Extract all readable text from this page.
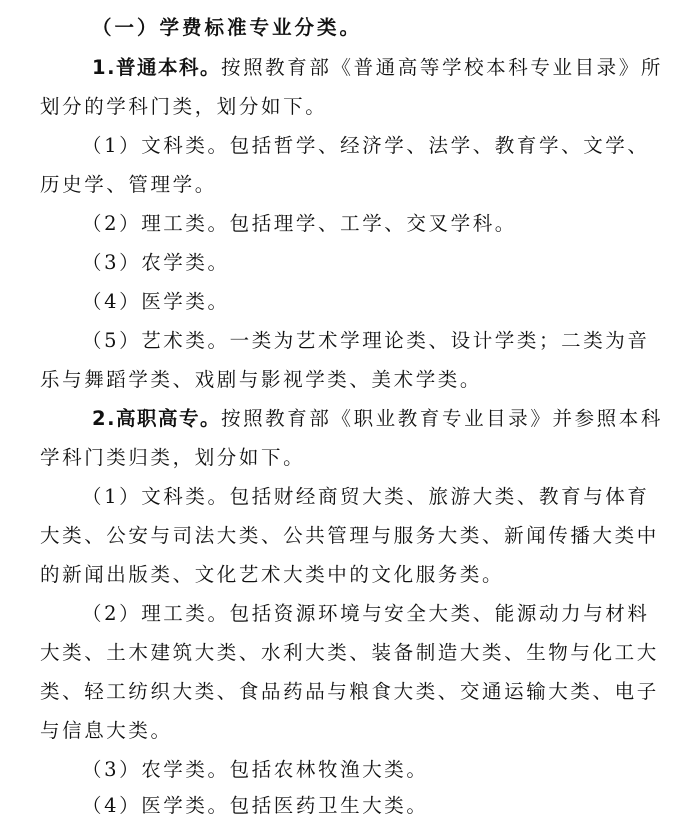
（一）学费标准专业分类。
1.普通本科。按照教育部《普通高等学校本科专业目录》所
划分的学科门类，划分如下。
（1）文科类。包括哲学、经济学、法学、教育学、文学、
历史学、管理学。
（2）理工类。包括理学、工学、交叉学科。
（3）农学类。
（4）医学类。
（5）艺术类。一类为艺术学理论类、设计学类；二类为音
乐与舞蹈学类、戏剧与影视学类、美术学类。
2.高职高专。按照教育部《职业教育专业目录》并参照本科
学科门类归类，划分如下。
（1）文科类。包括财经商贸大类、旅游大类、教育与体育
大类、公安与司法大类、公共管理与服务大类、新闻传播大类中
的新闻出版类、文化艺术大类中的文化服务类。
（2）理工类。包括资源环境与安全大类、能源动力与材料
大类、土木建筑大类、水利大类、装备制造大类、生物与化工大
类、轻工纺织大类、食品药品与粮食大类、交通运输大类、电子
与信息大类。
（3）农学类。包括农林牧渔大类。
（4）医学类。包括医药卫生大类。
